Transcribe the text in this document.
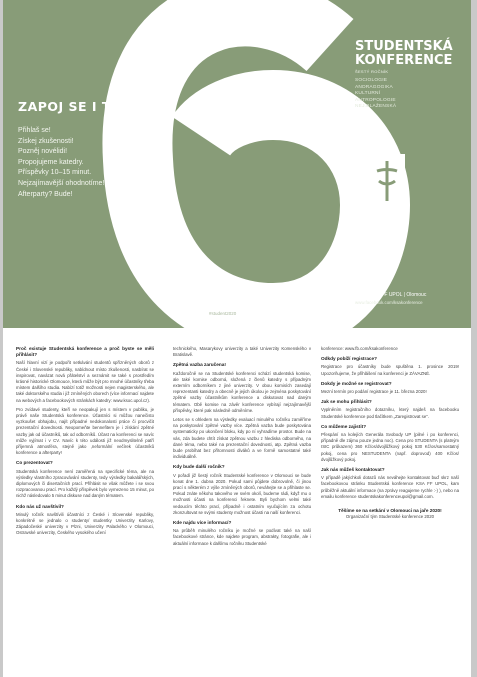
ZAPOJ SE I TY!
Přihlaš se!
Získej zkušenosti!
Pozněj novélidi!
Propojujeme katedry.
Příspěvky 10–15 minut.
Nejzajímavější ohodnotíme!
Afterparty? Bude!
STUDENTSKÁ
KONFERENCE
ŠESTÝ ROČNÍK
SOCIOLOGIE
ANDRAGOGIKA
KULTURNÍ
ANTROPOLOGIE
NEJ.BLAŽENSKÁ
1. 4. 2020 | FF UPOL | Olomouc
www.facebook.com/ksakonference
#student2020
Proč existuje Studentská konference a proč byste se měli přihlásit?

Naší hlavní vizí je podpořit setkávání studentů spřízněných oborů z České i Slovenské republiky, nabídnout místo zkušenosti, nasbírat se inspirovat, navázat nová přátelství a seznámit se také s prostředím krásné historické Olomouce, která může být pro mnohé účastníky třeba místem dalšího studia. Nabízí totiž možnosti nejen magisterského, ale také doktorského studia i již zmíněných oborech (více informací najdete na webových a facebookových stránkách katedry: www.ksoc.upol.cz).

Pro zvídavé studenty, kteří se neopakují jen s místem v publiku, je právě naše Studentská konference. Účastníci si můžou nanečisto vyzkoušet obhajobu, najít případné nedokonalosti práce či procvičit prezentační dovednosti. Neopomeňte bennefitem je i získání zpětné vazby jak od účastníků, tak od odborníků. Účast na konferenci se navíc může vyjímat i v CV. Navíc k této události již neodmyslitelně patří příjemná atmosféra, stejně jako ‚neformální večírek účastníků konference a afterparty!

Co prezentovat?

Studentská konference není zaměřená na specifické téma, ale na výsledky vlastního zpracovávání studenty, tedy výsledky bakalářských, diplomových či disertačních prací. Příhlásit se však můžete i se svou rozpracovanou prací. Pro každý příspěvek bylo vymezeno 15 minut, po nichž následovalo 5 minut diskuse nad daným tématem.

Kdo nás už navštívil?

Minulý ročník navštívili účastníci z České i Slovenské republiky, konkrétně se jednalo o studenty/ studentky Univerzity Karlovy, Západočeské univerzity v Plzni, Univerzity Palackého v Olomouci, Ostravské univerzity, Českého vysokého učení

technického, Masarykovy univerzity a také Univerzity Komenského v Bratislavě.

Zpětná vazba zaručena!

Každoročně se na Studentské konferenci schází studentská komise, ale také komise odborná, složená z členů katedry s případným externím odborníkem z jiné univerzity. V obou komisích zasedají reprezentanti katedry a obecně je jejich úkolou je zejména poskytování zpětné vazby účastníkům konference a diskutovat nad daným tématem. Obě komise na závěr konference vybírají nejzajímavější příspěvky, které pak následně odměníme.

Letos se s ohledem na výsledky evaluací minulého ročníku zaměříme na poskytování zpětné vazby více. Zpětná vazba bude poskytována systematicky po ukončení bloku, kdy po ní vyhradíme prostor. Bude na vás, zda budete chtít získat zpětnou vazbu z hlediska odborného, na dané téma, nebo také na prezentační dovednosti, atp. Zpětná vazba bude probíhat bez přítomnosti diváků a ve formě samostatné také individuálně.

Kdy bude další ročník?

V pořadí již šestý ročník Studentské konference v Olomouci se bude konat dne 1. dubna 2020. Pokud sami půjdete dobrovolně, či jinou prací s některém z výše zmíněných oborů, neváhejte se a přihlaste se. Pokud znáte někoho takového ve svém okolí, budeme rádi, když mu o možnosti účasti na konferenci řeknete. Byli bychom velmi také vedoucím těchto prací, případně i ostatním vyučujícím za ochotu zkonzultovat se svými studenty možnost účasti na naší konferenci.

Kde najdu více informací?

Na průběh minulého ročníku je možné se podívat také na naší facebookové stránce, kde najdete program, abstrakty, fotografie, ale i aktuální informace k dalšímu ročníku Studentské

konference: www.fb.com/ksakonference

Odkdy pobíží registrace?

Registrace pro účastníky bude spuštěna 1. prosince 2019! Upozorňujeme, že přihlášení na konferenci je ZÁVAZNÉ.

Dokdy je možné se registrovat?

Mezní termín pro podání registrace je 11. března 2020!

Jak se mohu přihlásit?

Vyplněním registračního dotazníku, který najdeš na facebooku Studentské konference pod tlačítkem „Zaregistrovat se“.

Co můžeme zajistit?

Přespání na kolejích Generála Svobody UP (pilné i po konferenci, případně dle zájmu pouze jedna noc). Cena pro STUDENTA (s platným ISIC průkazem) 360 Kč/os/dvojlůžkový pokoj 530 Kč/os/samostatný pokoj, cena pro NESTUDENTA (např. doprovod) 400 Kč/os/ dvojlůžkový pokoj.

Jak nás můžeš kontaktovat?

V případě jakýchkoli dotazů nás neváhejte kontaktovat buď skrz naší facebookovou stránku Studentská konference KSA FF UPOL, kam průběžně aktuální informace (na zprávy reagujeme rychle :-) ), nebo na emailu konference studentskakonferenceupol@gmail.com.

Těšíme se na setkání v Olomouci na jaře 2020!

Organizační tým Studentské konference 2020
